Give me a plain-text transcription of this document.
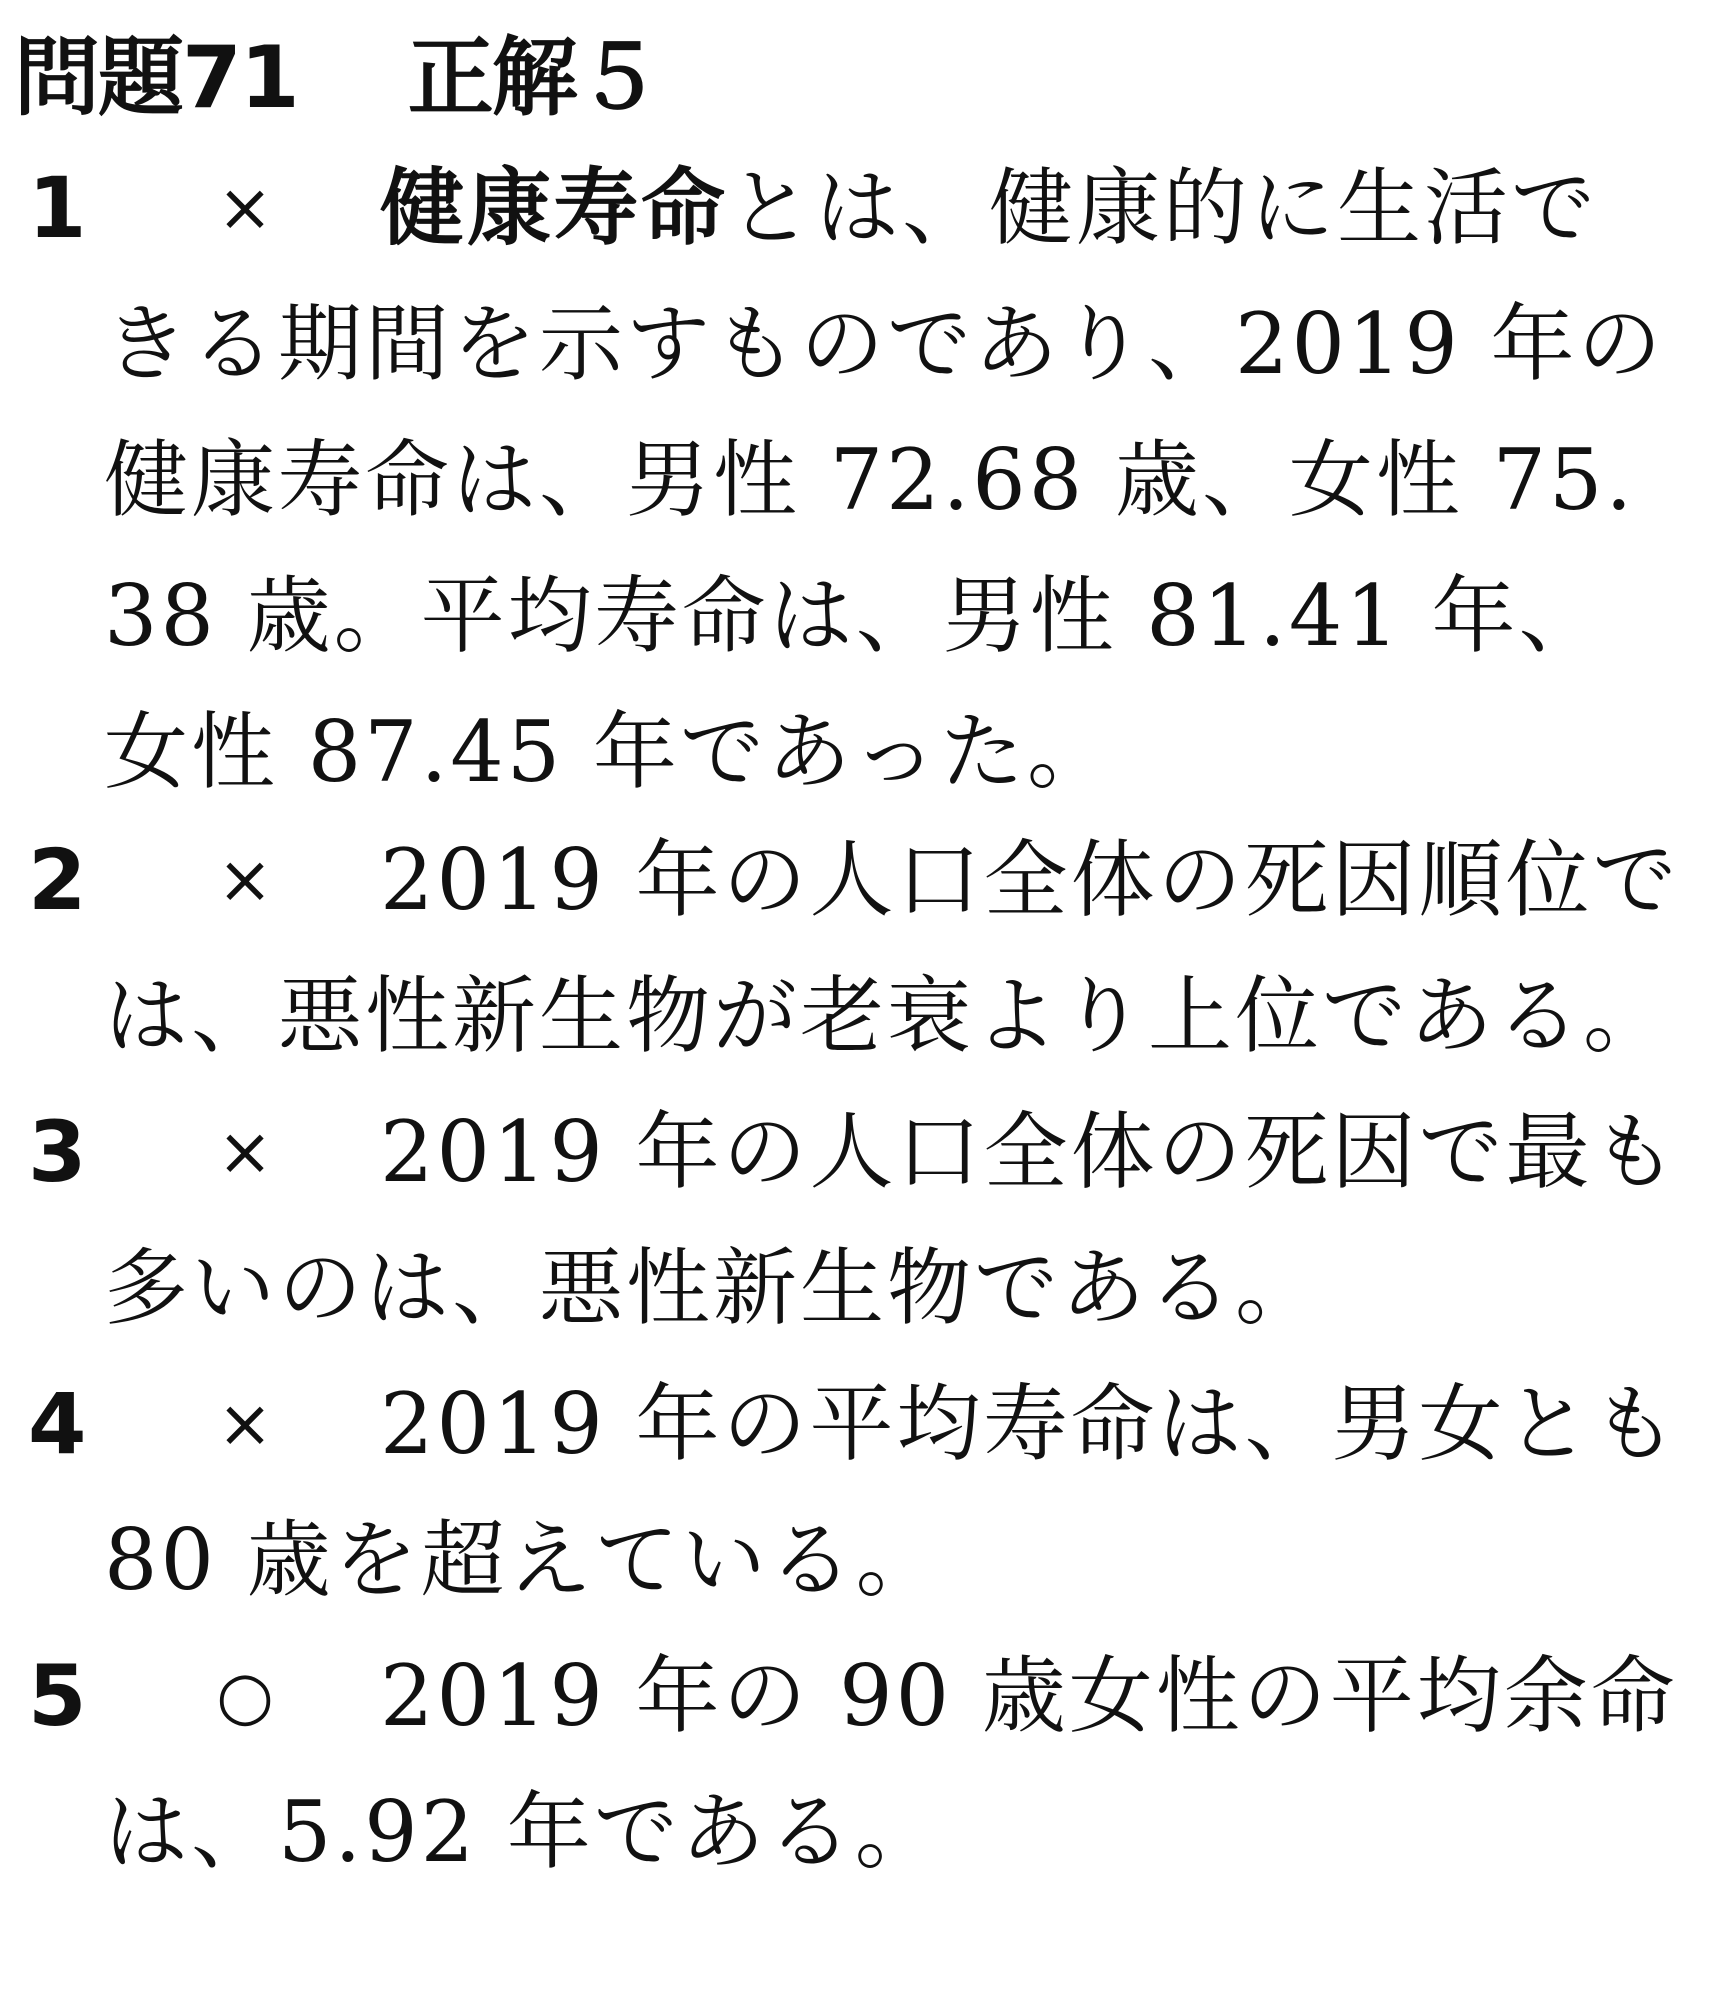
問題71 正解５
1 ×	健康寿命とは、健康的に生活できる期間を示すものであり、2019 年の健康寿命は、男性 72.68 歳、女性 75.38 歳。平均寿命は、男性 81.41 年、女性 87.45 年であった。
2 ×	2019 年の人口全体の死因順位では、悪性新生物が老衰より上位である。
3 ×	2019 年の人口全体の死因で最も多いのは、悪性新生物である。
4 ×	2019 年の平均寿命は、男女とも 80 歳を超えている。
5 ○	2019 年の 90 歳女性の平均余命は、5.92 年である。
